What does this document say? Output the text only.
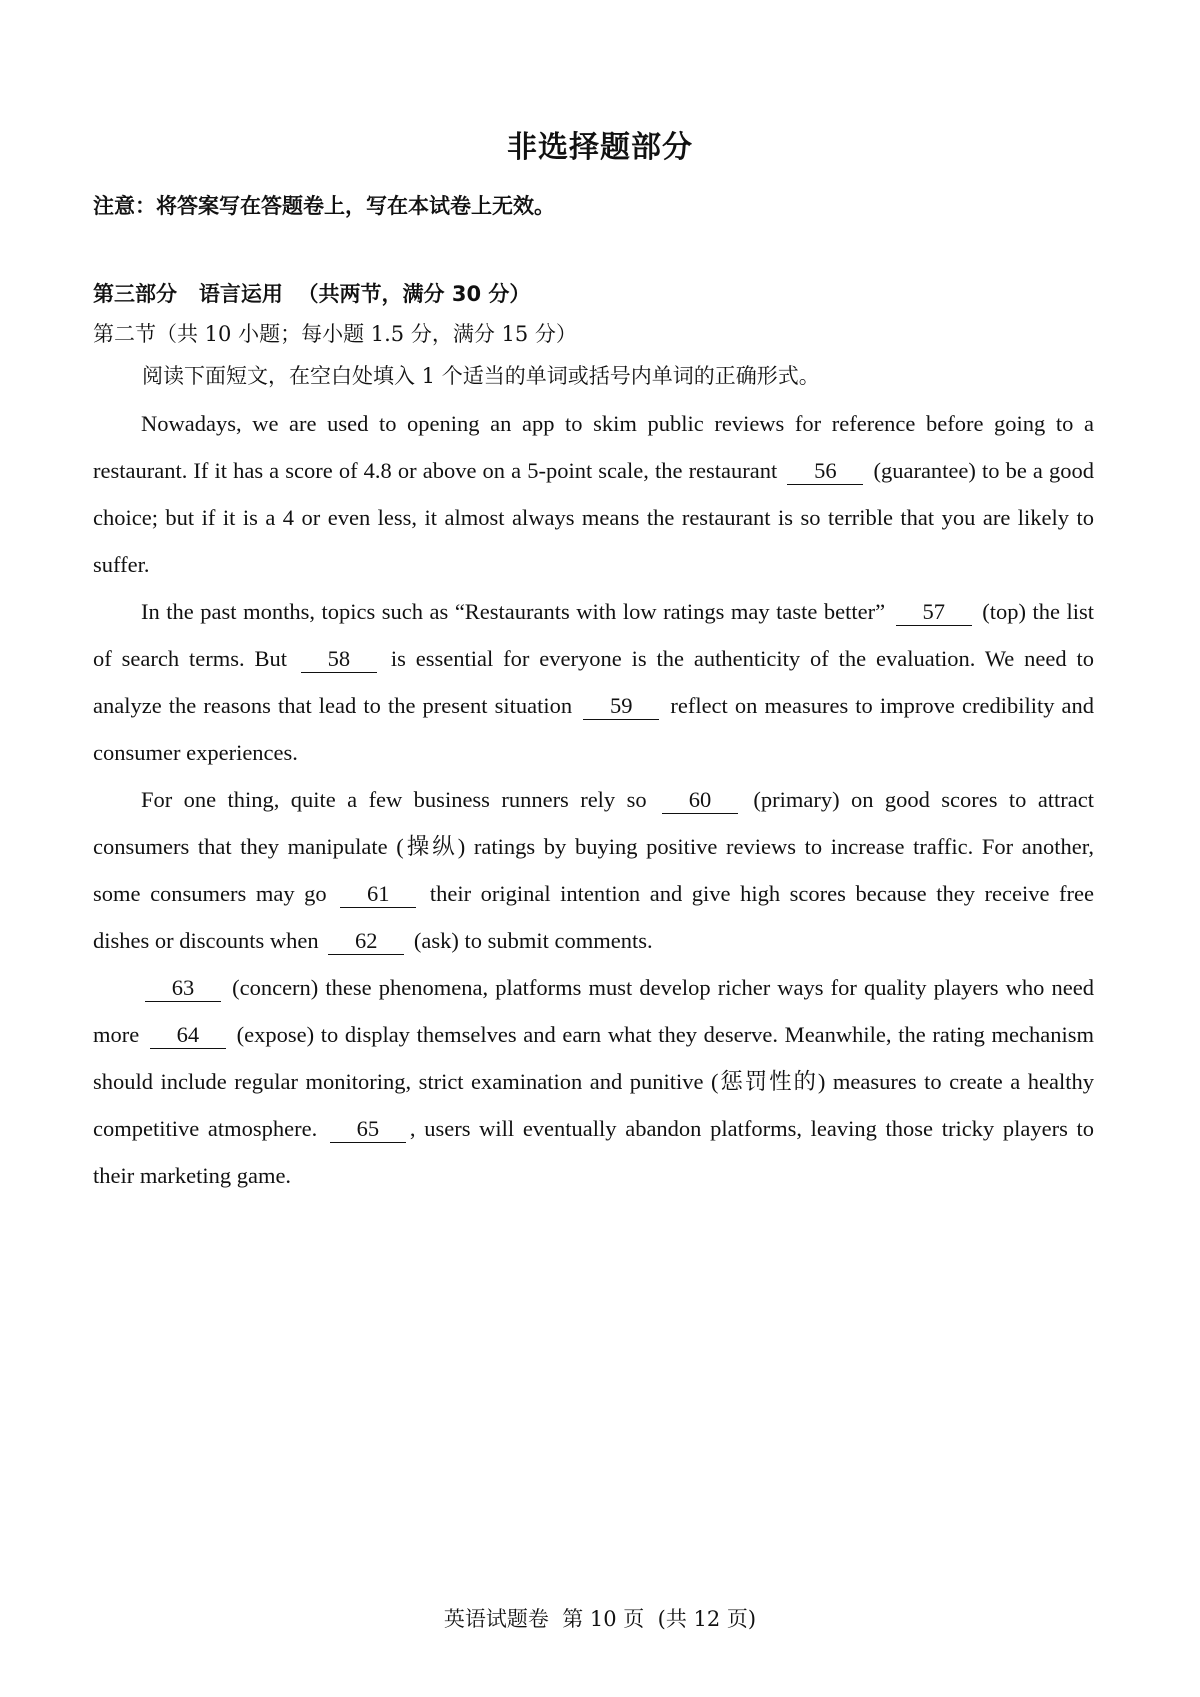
非选择题部分
注意：将答案写在答题卷上，写在本试卷上无效。
第三部分   语言运用  （共两节，满分 30 分）
第二节（共 10 小题；每小题 1.5 分，满分 15 分）
阅读下面短文，在空白处填入 1 个适当的单词或括号内单词的正确形式。

Nowadays, we are used to opening an app to skim public reviews for reference before going to a restaurant. If it has a score of 4.8 or above on a 5-point scale, the restaurant 56 (guarantee) to be a good choice; but if it is a 4 or even less, it almost always means the restaurant is so terrible that you are likely to suffer.

In the past months, topics such as “Restaurants with low ratings may taste better” 57 (top) the list of search terms. But 58 is essential for everyone is the authenticity of the evaluation. We need to analyze the reasons that lead to the present situation 59 reflect on measures to improve credibility and consumer experiences.

For one thing, quite a few business runners rely so 60 (primary) on good scores to attract consumers that they manipulate (操纵) ratings by buying positive reviews to increase traffic. For another, some consumers may go 61 their original intention and give high scores because they receive free dishes or discounts when 62 (ask) to submit comments.

63 (concern) these phenomena, platforms must develop richer ways for quality players who need more 64 (expose) to display themselves and earn what they deserve. Meanwhile, the rating mechanism should include regular monitoring, strict examination and punitive (惩罚性的) measures to create a healthy competitive atmosphere. 65 , users will eventually abandon platforms, leaving those tricky players to their marketing game.

英语试题卷  第 10 页  (共 12 页)
